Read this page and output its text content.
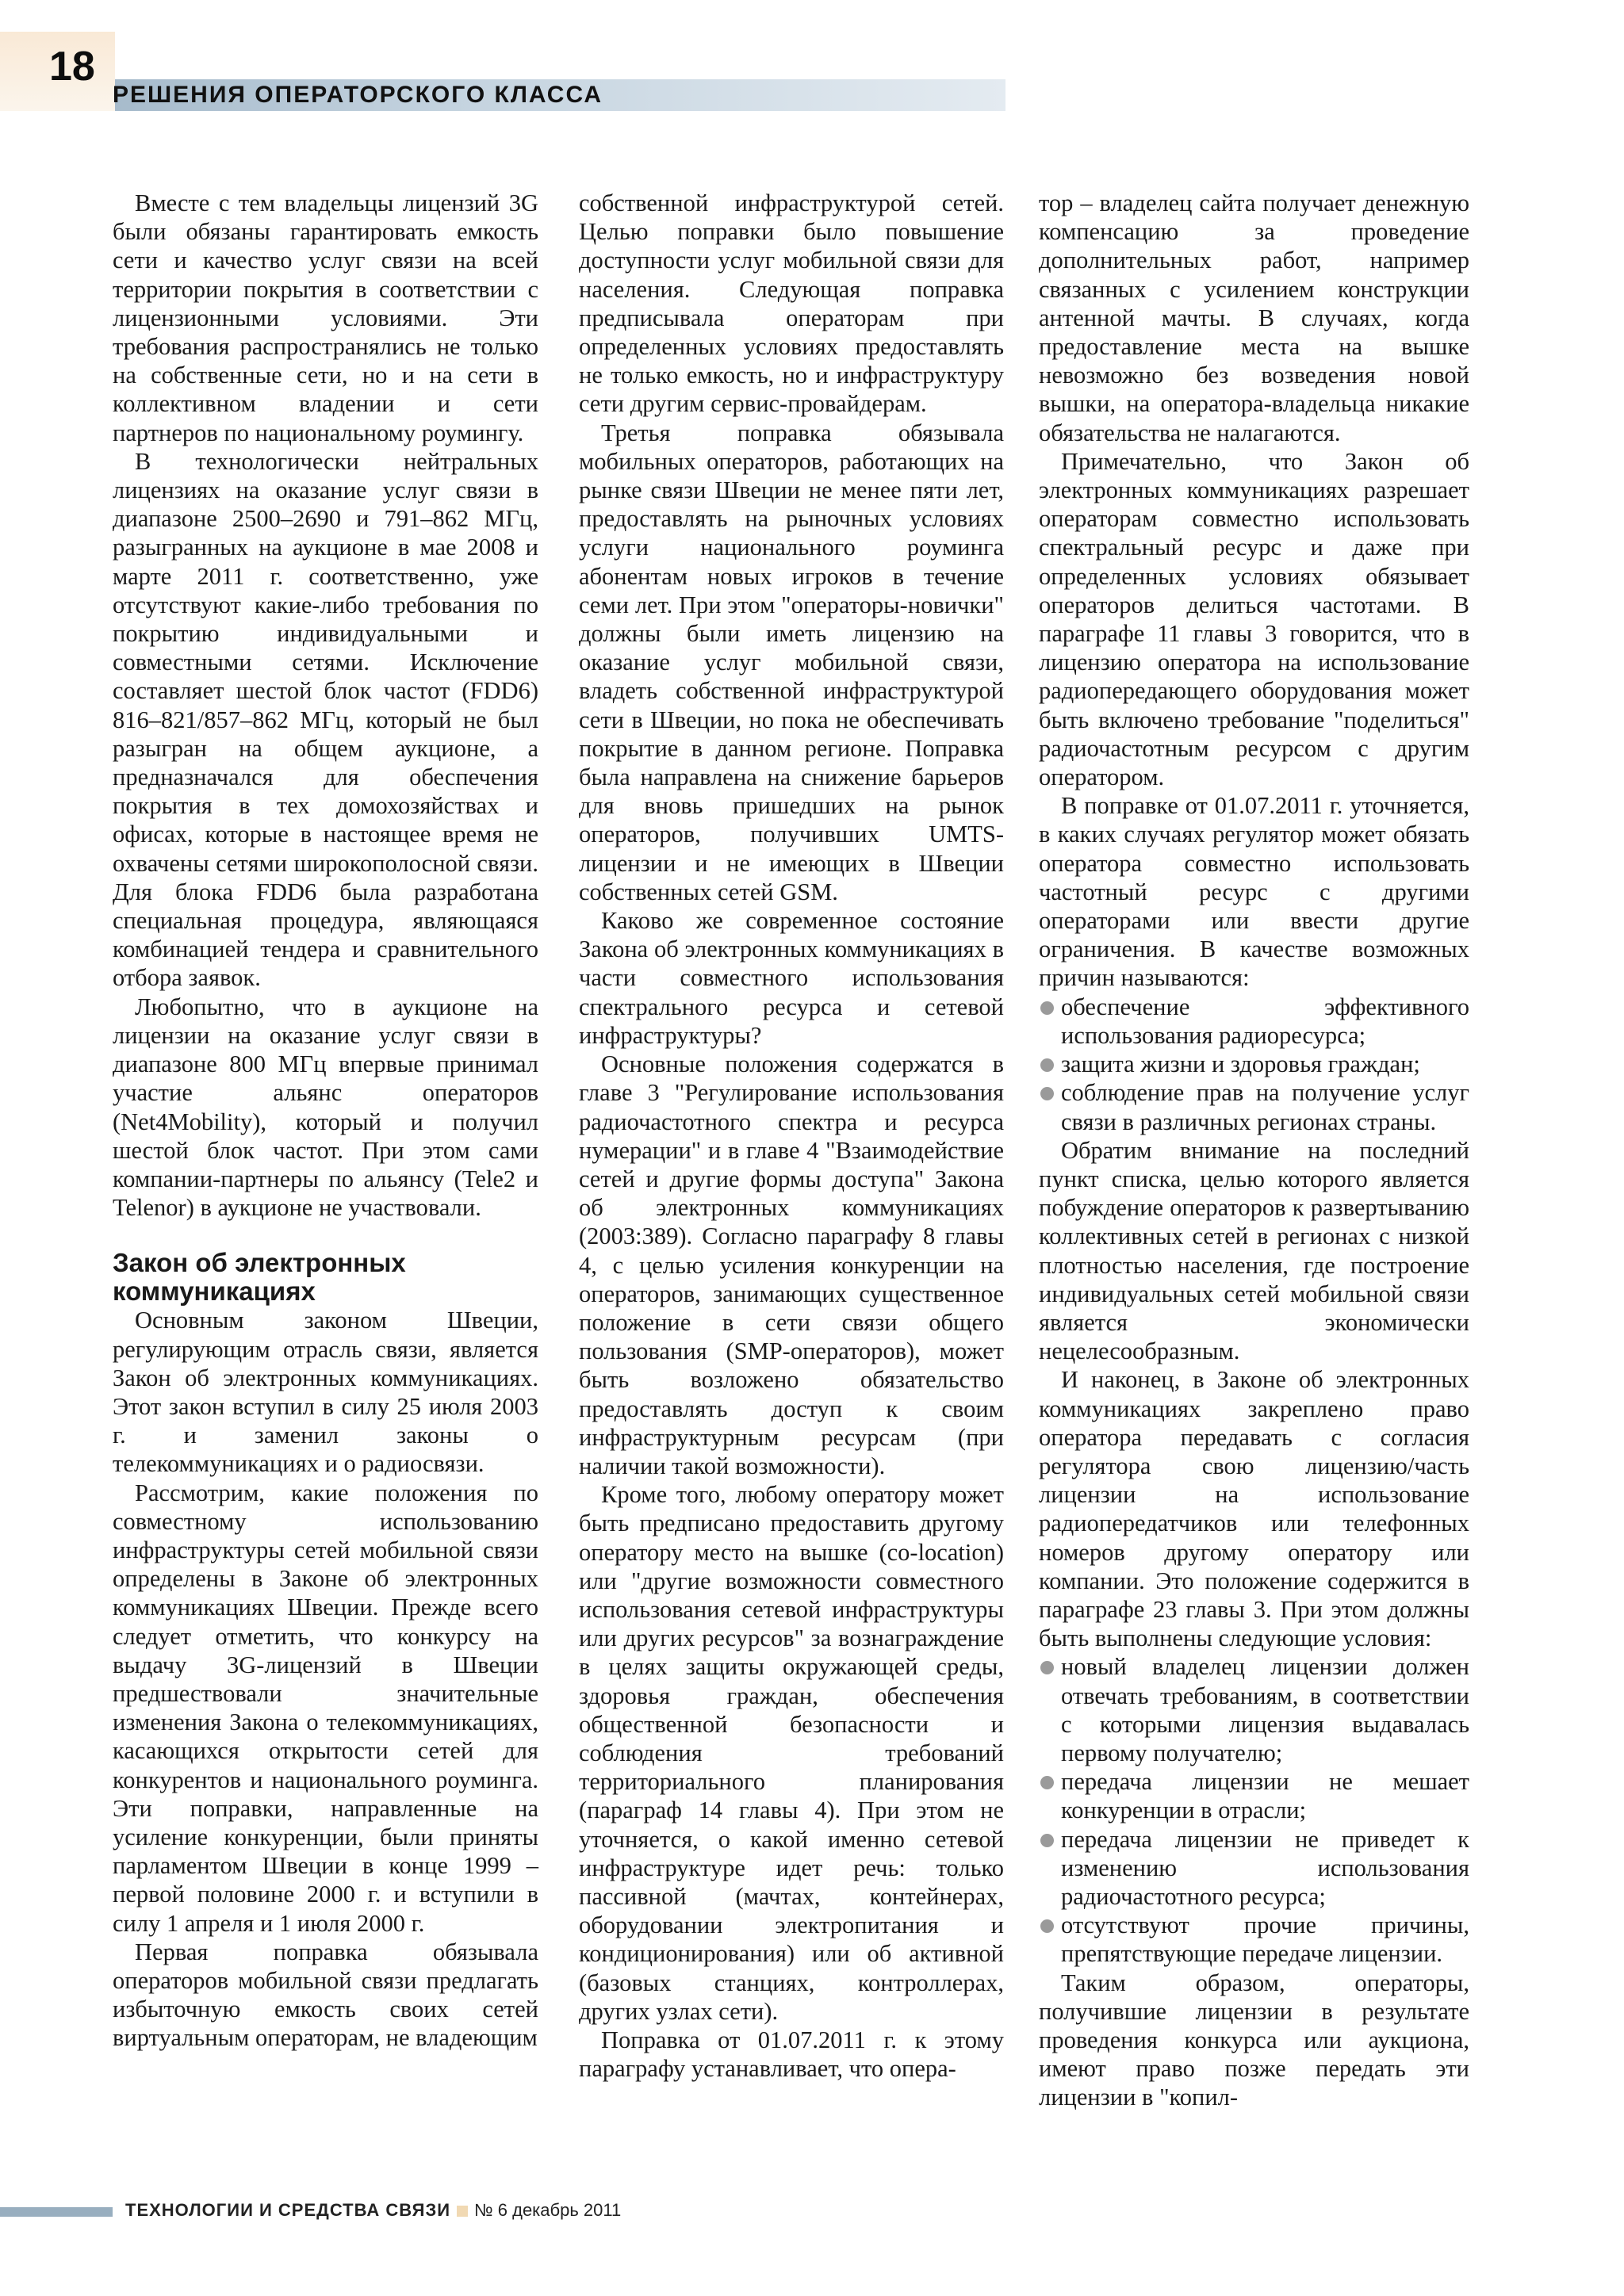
18
РЕШЕНИЯ ОПЕРАТОРСКОГО КЛАССА

Вместе с тем владельцы лицензий 3G были обязаны гарантировать емкость сети и качество услуг связи на всей территории покрытия в соответствии с лицензионными условиями. Эти требования распространялись не только на собственные сети, но и на сети в коллективном владении и сети партнеров по национальному роумингу.

В технологически нейтральных лицензиях на оказание услуг связи в диапазоне 2500–2690 и 791–862 МГц, разыгранных на аукционе в мае 2008 и марте 2011 г. соответственно, уже отсутствуют какие-либо требования по покрытию индивидуальными и совместными сетями. Исключение составляет шестой блок частот (FDD6) 816–821/857–862 МГц, который не был разыгран на общем аукционе, а предназначался для обеспечения покрытия в тех домохозяйствах и офисах, которые в настоящее время не охвачены сетями широкополосной связи. Для блока FDD6 была разработана специальная процедура, являющаяся комбинацией тендера и сравнительного отбора заявок.

Любопытно, что в аукционе на лицензии на оказание услуг связи в диапазоне 800 МГц впервые принимал участие альянс операторов (Net4Mobility), который и получил шестой блок частот. При этом сами компании-партнеры по альянсу (Tele2 и Telenor) в аукционе не участвовали.

Закон об электронных коммуникациях

Основным законом Швеции, регулирующим отрасль связи, является Закон об электронных коммуникациях. Этот закон вступил в силу 25 июля 2003 г. и заменил законы о телекоммуникациях и о радиосвязи.

Рассмотрим, какие положения по совместному использованию инфраструктуры сетей мобильной связи определены в Законе об электронных коммуникациях Швеции. Прежде всего следует отметить, что конкурсу на выдачу 3G-лицензий в Швеции предшествовали значительные изменения Закона о телекоммуникациях, касающихся открытости сетей для конкурентов и национального роуминга. Эти поправки, направленные на усиление конкуренции, были приняты парламентом Швеции в конце 1999 – первой половине 2000 г. и вступили в силу 1 апреля и 1 июля 2000 г.

Первая поправка обязывала операторов мобильной связи предлагать избыточную емкость своих сетей виртуальным операторам, не владеющим

собственной инфраструктурой сетей. Целью поправки было повышение доступности услуг мобильной связи для населения. Следующая поправка предписывала операторам при определенных условиях предоставлять не только емкость, но и инфраструктуру сети другим сервис-провайдерам.

Третья поправка обязывала мобильных операторов, работающих на рынке связи Швеции не менее пяти лет, предоставлять на рыночных условиях услуги национального роуминга абонентам новых игроков в течение семи лет. При этом "операторы-новички" должны были иметь лицензию на оказание услуг мобильной связи, владеть собственной инфраструктурой сети в Швеции, но пока не обеспечивать покрытие в данном регионе. Поправка была направлена на снижение барьеров для вновь пришедших на рынок операторов, получивших UMTS-лицензии и не имеющих в Швеции собственных сетей GSM.

Каково же современное состояние Закона об электронных коммуникациях в части совместного использования спектрального ресурса и сетевой инфраструктуры?

Основные положения содержатся в главе 3 "Регулирование использования радиочастотного спектра и ресурса нумерации" и в главе 4 "Взаимодействие сетей и другие формы доступа" Закона об электронных коммуникациях (2003:389). Согласно параграфу 8 главы 4, с целью усиления конкуренции на операторов, занимающих существенное положение в сети связи общего пользования (SMP-операторов), может быть возложено обязательство предоставлять доступ к своим инфраструктурным ресурсам (при наличии такой возможности).

Кроме того, любому оператору может быть предписано предоставить другому оператору место на вышке (co-location) или "другие возможности совместного использования сетевой инфраструктуры или других ресурсов" за вознаграждение в целях защиты окружающей среды, здоровья граждан, обеспечения общественной безопасности и соблюдения требований территориального планирования (параграф 14 главы 4). При этом не уточняется, о какой именно сетевой инфраструктуре идет речь: только пассивной (мачтах, контейнерах, оборудовании электропитания и кондиционирования) или об активной (базовых станциях, контроллерах, других узлах сети).

Поправка от 01.07.2011 г. к этому параграфу устанавливает, что опера-

тор – владелец сайта получает денежную компенсацию за проведение дополнительных работ, например связанных с усилением конструкции антенной мачты. В случаях, когда предоставление места на вышке невозможно без возведения новой вышки, на оператора-владельца никакие обязательства не налагаются.

Примечательно, что Закон об электронных коммуникациях разрешает операторам совместно использовать спектральный ресурс и даже при определенных условиях обязывает операторов делиться частотами. В параграфе 11 главы 3 говорится, что в лицензию оператора на использование радиопередающего оборудования может быть включено требование "поделиться" радиочастотным ресурсом с другим оператором.

В поправке от 01.07.2011 г. уточняется, в каких случаях регулятор может обязать оператора совместно использовать частотный ресурс с другими операторами или ввести другие ограничения. В качестве возможных причин называются:

обеспечение эффективного использования радиоресурса;
защита жизни и здоровья граждан;
соблюдение прав на получение услуг связи в различных регионах страны.

Обратим внимание на последний пункт списка, целью которого является побуждение операторов к развертыванию коллективных сетей в регионах с низкой плотностью населения, где построение индивидуальных сетей мобильной связи является экономически нецелесообразным.

И наконец, в Законе об электронных коммуникациях закреплено право оператора передавать с согласия регулятора свою лицензию/часть лицензии на использование радиопередатчиков или телефонных номеров другому оператору или компании. Это положение содержится в параграфе 23 главы 3. При этом должны быть выполнены следующие условия:

новый владелец лицензии должен отвечать требованиям, в соответствии с которыми лицензия выдавалась первому получателю;
передача лицензии не мешает конкуренции в отрасли;
передача лицензии не приведет к изменению использования радиочастотного ресурса;
отсутствуют прочие причины, препятствующие передаче лицензии.

Таким образом, операторы, получившие лицензии в результате проведения конкурса или аукциона, имеют право позже передать эти лицензии в "копил-

ТЕХНОЛОГИИ И СРЕДСТВА СВЯЗИ № 6 декабрь 2011
